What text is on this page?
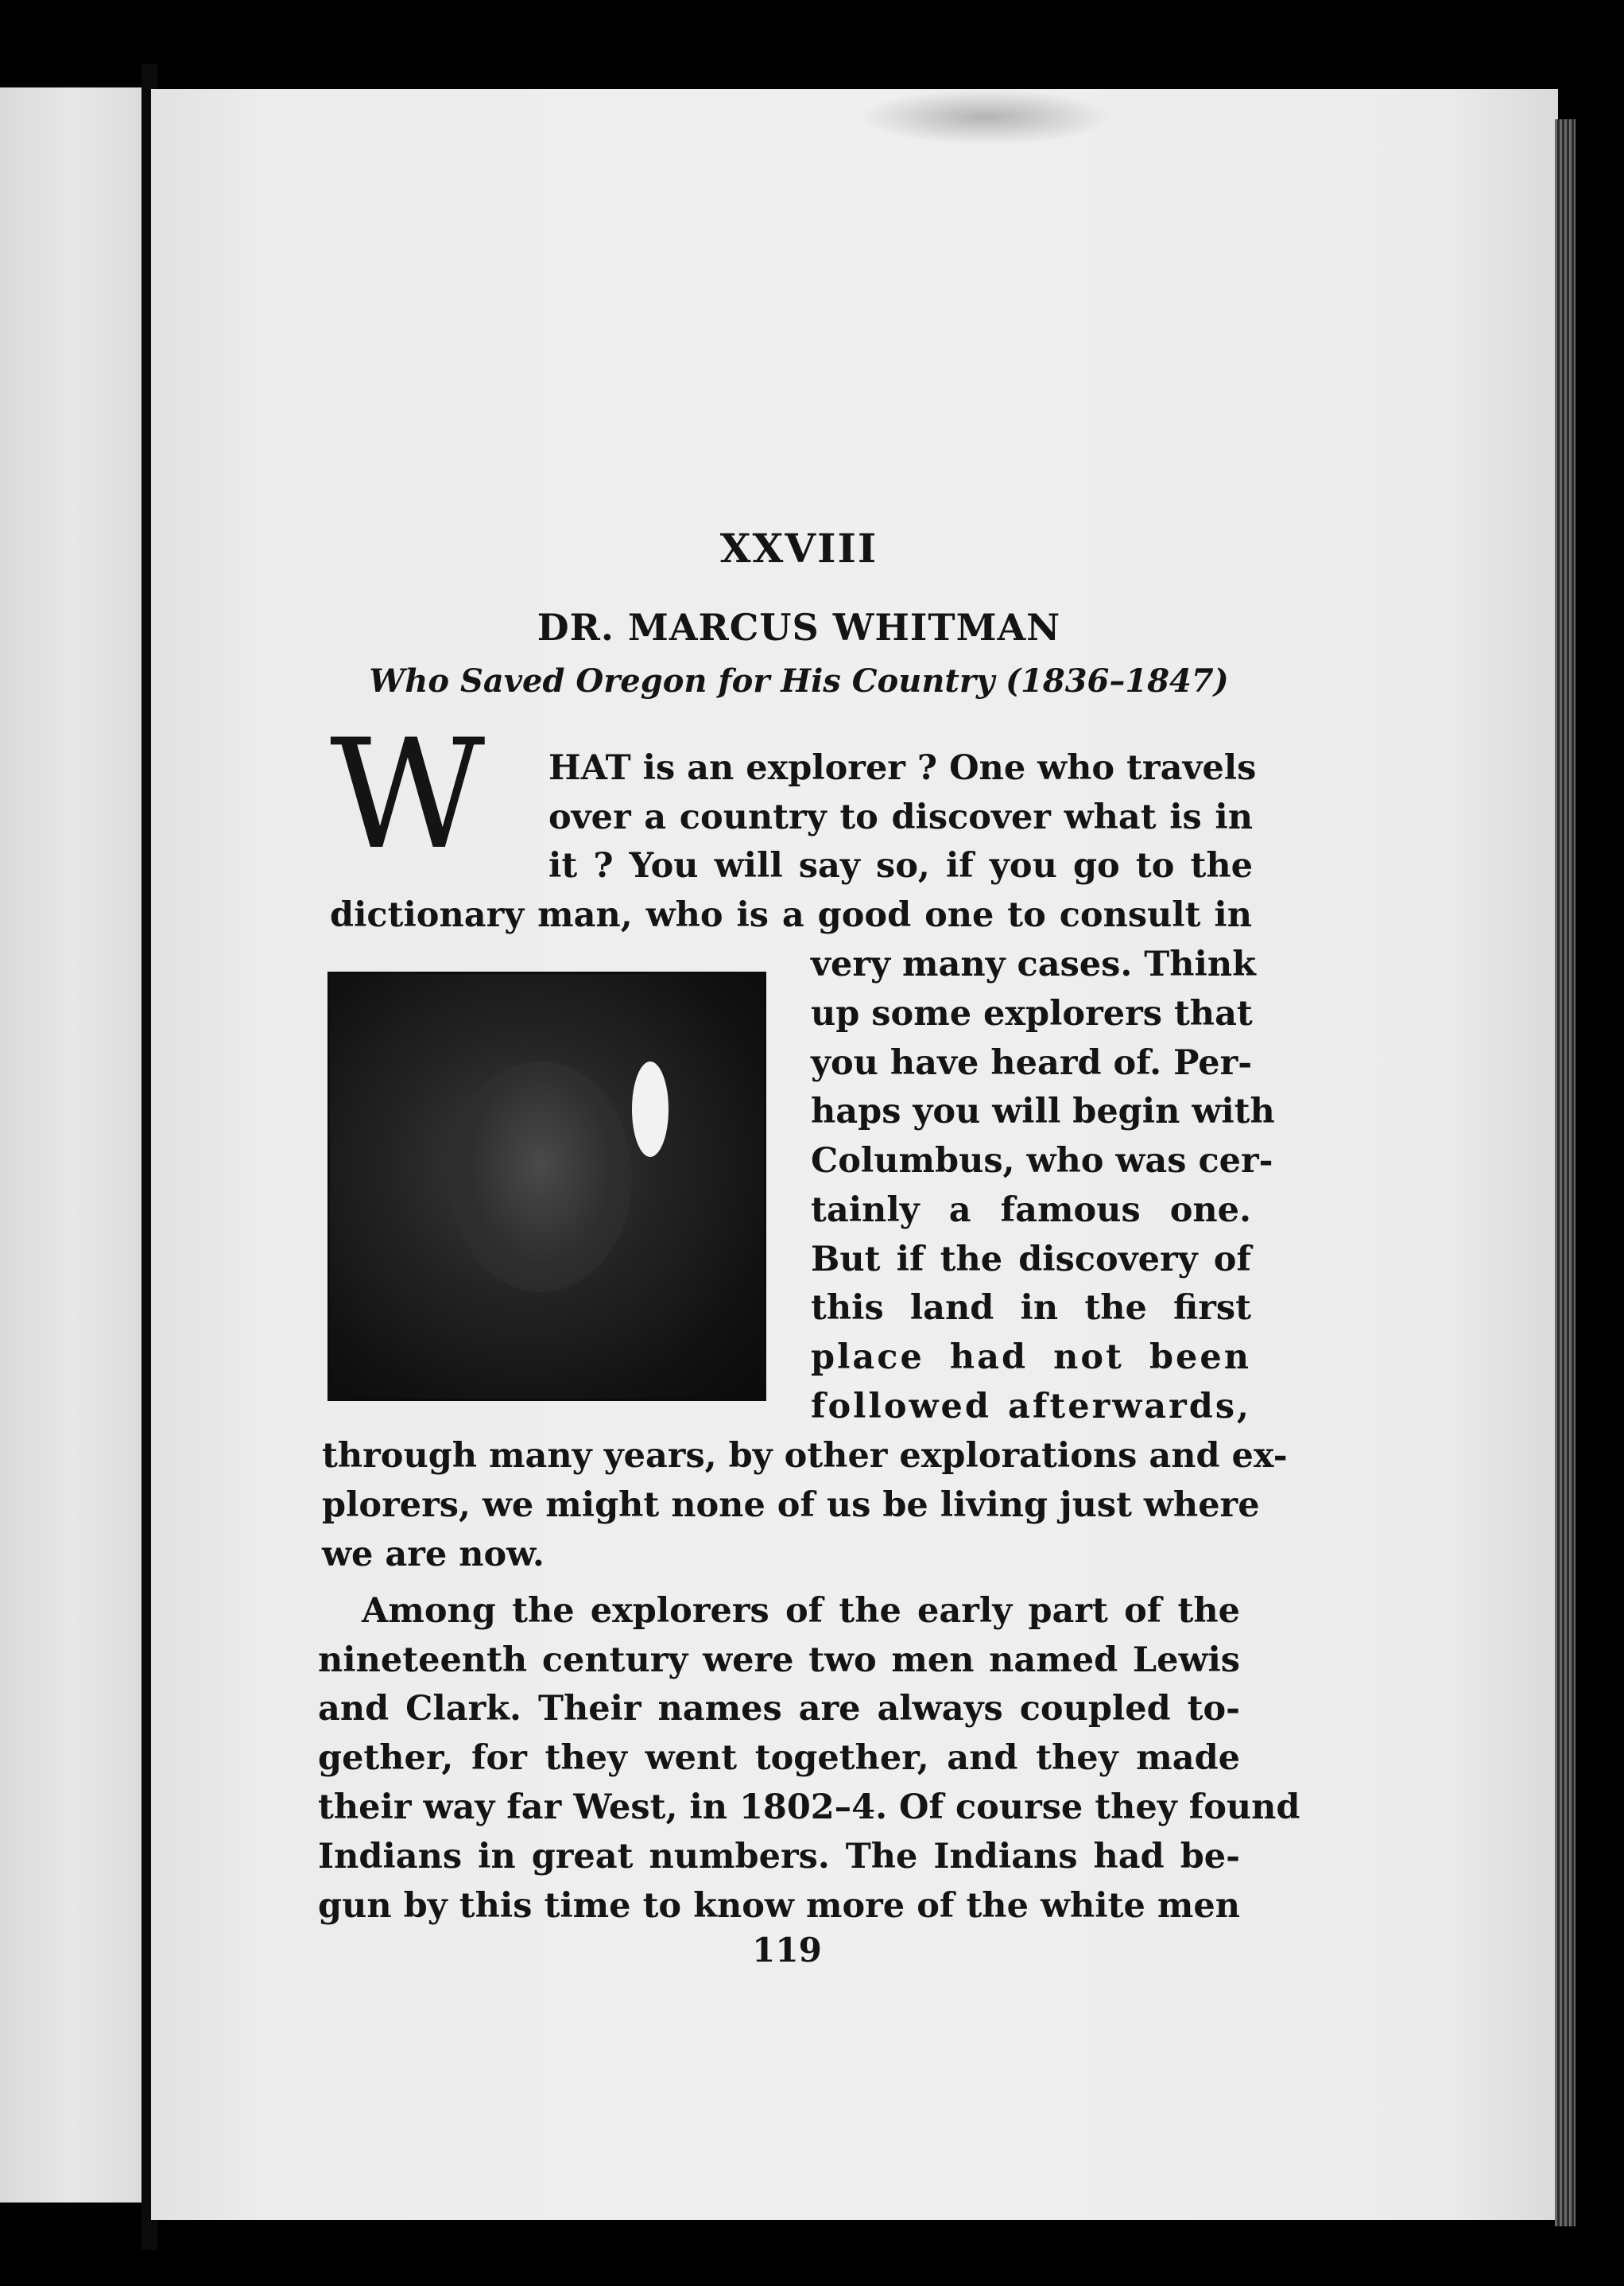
XXVIII
DR. MARCUS WHITMAN
Who Saved Oregon for His Country (1836–1847)
W HAT is an explorer ? One who travels
over a country to discover what is in
it ? You will say so, if you go to the
dictionary man, who is a good one to consult in
very many cases. Think
up some explorers that
you have heard of. Per-
haps you will begin with
Columbus, who was cer-
tainly a famous one.
But if the discovery of
this land in the first
place had not been
followed afterwards,
through many years, by other explorations and ex-
plorers, we might none of us be living just where
we are now.
Among the explorers of the early part of the
nineteenth century were two men named Lewis
and Clark. Their names are always coupled to-
gether, for they went together, and they made
their way far West, in 1802–4. Of course they found
Indians in great numbers. The Indians had be-
gun by this time to know more of the white men
119
